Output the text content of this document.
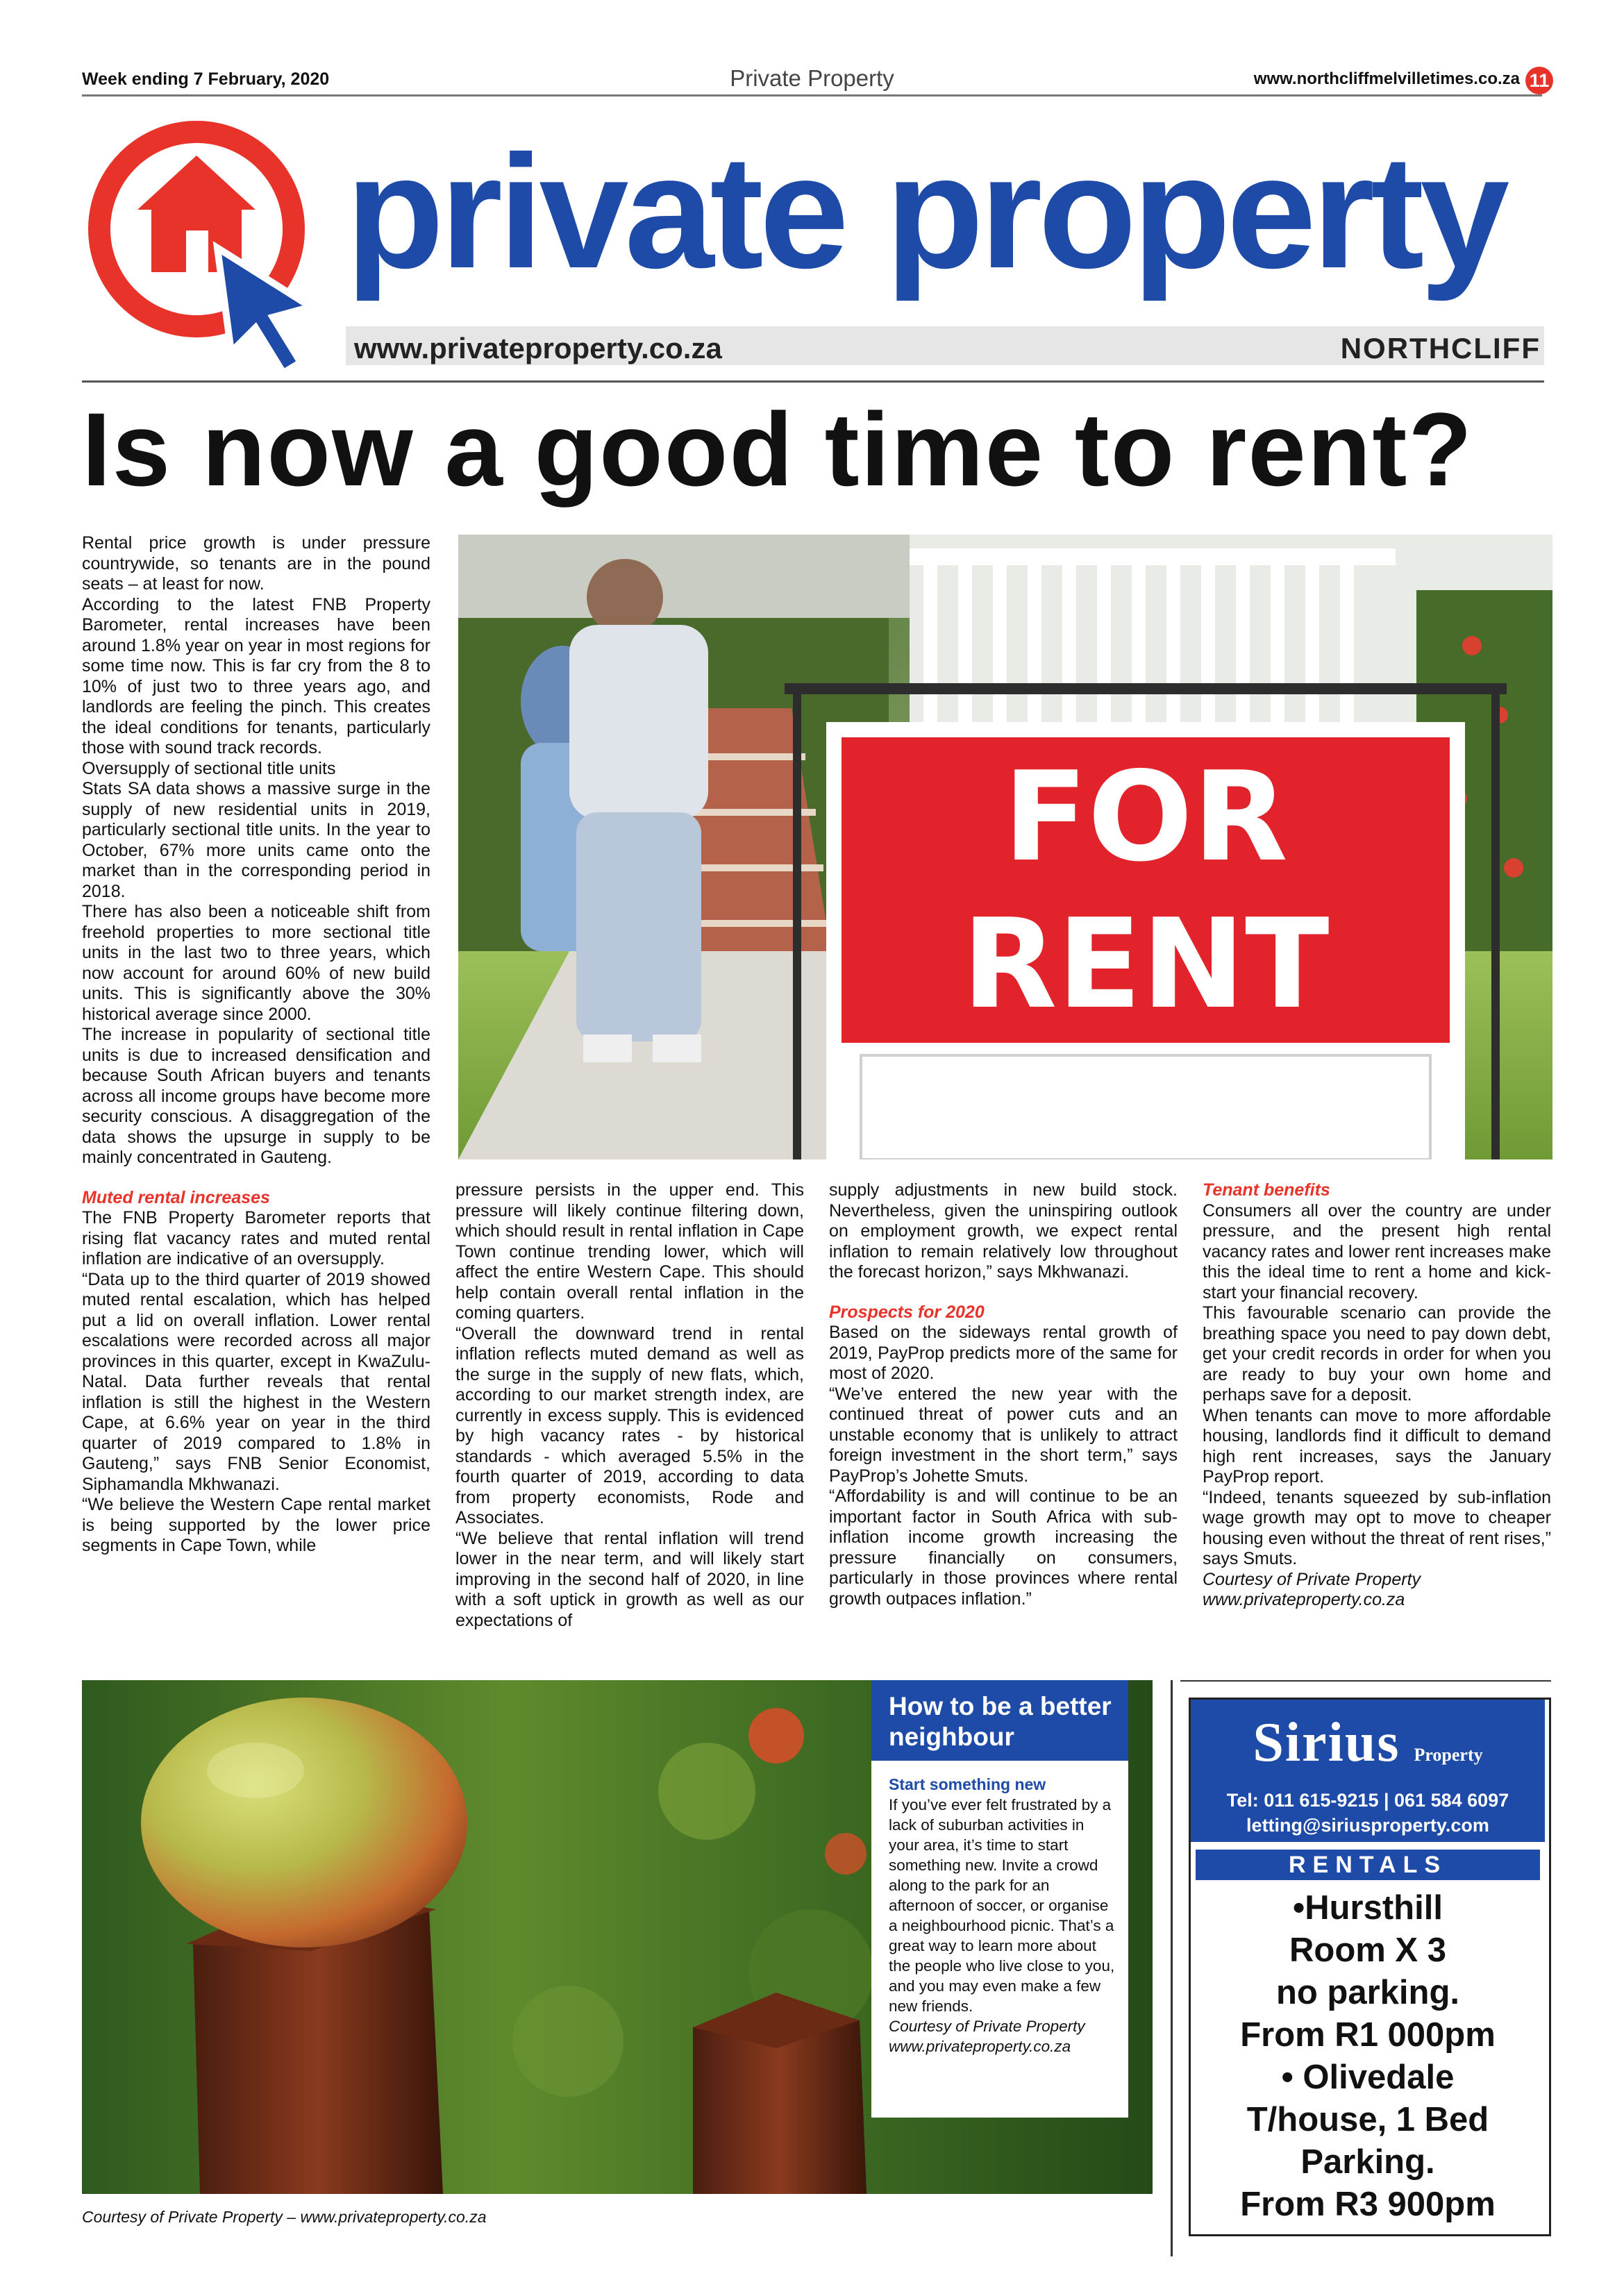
Week ending 7 February, 2020	Private Property	www.northcliffmelvilletimes.co.za 11
private property
www.privateproperty.co.za	NORTHCLIFF
Is now a good time to rent?
FOR
RENT

Rental price growth is under pressure countrywide, so tenants are in the pound seats – at least for now.

According to the latest FNB Property Barometer, rental increases have been around 1.8% year on year in most regions for some time now. This is far cry from the 8 to 10% of just two to three years ago, and landlords are feeling the pinch. This creates the ideal conditions for tenants, particularly those with sound track records.

Oversupply of sectional title units

Stats SA data shows a massive surge in the supply of new residential units in 2019, particularly sectional title units. In the year to October, 67% more units came onto the market than in the corresponding period in 2018.

There has also been a noticeable shift from freehold properties to more sectional title units in the last two to three years, which now account for around 60% of new build units. This is significantly above the 30% historical average since 2000.

The increase in popularity of sectional title units is due to increased densification and because South African buyers and tenants across all income groups have become more security conscious. A disaggregation of the data shows the upsurge in supply to be mainly concentrated in Gauteng.

Muted rental increases

The FNB Property Barometer reports that rising flat vacancy rates and muted rental inflation are indicative of an oversupply.

“Data up to the third quarter of 2019 showed muted rental escalation, which has helped put a lid on overall inflation. Lower rental escalations were recorded across all major provinces in this quarter, except in KwaZulu-Natal. Data further reveals that rental inflation is still the highest in the Western Cape, at 6.6% year on year in the third quarter of 2019 compared to 1.8% in Gauteng,” says FNB Senior Economist, Siphamandla Mkhwanazi.

“We believe the Western Cape rental market is being supported by the lower price segments in Cape Town, while

pressure persists in the upper end. This pressure will likely continue filtering down, which should result in rental inflation in Cape Town continue trending lower, which will affect the entire Western Cape. This should help contain overall rental inflation in the coming quarters.

“Overall the downward trend in rental inflation reflects muted demand as well as the surge in the supply of new flats, which, according to our market strength index, are currently in excess supply. This is evidenced by high vacancy rates - by historical standards - which averaged 5.5% in the fourth quarter of 2019, according to data from property economists, Rode and Associates.

“We believe that rental inflation will trend lower in the near term, and will likely start improving in the second half of 2020, in line with a soft uptick in growth as well as our expectations of

supply adjustments in new build stock. Nevertheless, given the uninspiring outlook on employment growth, we expect rental inflation to remain relatively low throughout the forecast horizon,” says Mkhwanazi.

Prospects for 2020

Based on the sideways rental growth of 2019, PayProp predicts more of the same for most of 2020.

“We’ve entered the new year with the continued threat of power cuts and an unstable economy that is unlikely to attract foreign investment in the short term,” says PayProp’s Johette Smuts.

“Affordability is and will continue to be an important factor in South Africa with sub-inflation income growth increasing the pressure financially on consumers, particularly in those provinces where rental growth outpaces inflation.”

Tenant benefits

Consumers all over the country are under pressure, and the present high rental vacancy rates and lower rent increases make this the ideal time to rent a home and kick-start your financial recovery.

This favourable scenario can provide the breathing space you need to pay down debt, get your credit records in order for when you are ready to buy your own home and perhaps save for a deposit.

When tenants can move to more affordable housing, landlords find it difficult to demand high rent increases, says the January PayProp report.

“Indeed, tenants squeezed by sub-inflation wage growth may opt to move to cheaper housing even without the threat of rent rises,” says Smuts.

Courtesy of Private Property

www.privateproperty.co.za

Courtesy of Private Property – www.privateproperty.co.za
How to be a better neighbour

Start something new

If you’ve ever felt frustrated by a lack of suburban activities in your area, it’s time to start something new. Invite a crowd along to the park for an afternoon of soccer, or organise a neighbourhood picnic. That’s a great way to learn more about the people who live close to you, and you may even make a few new friends.

Courtesy of Private Property

www.privateproperty.co.za

Sirius Property
Tel: 011 615-9215 | 061 584 6097
letting@siriusproperty.com
RENTALS
•Hursthill
Room X 3
no parking.
From R1 000pm
• Olivedale
T/house, 1 Bed
Parking.
From R3 900pm
